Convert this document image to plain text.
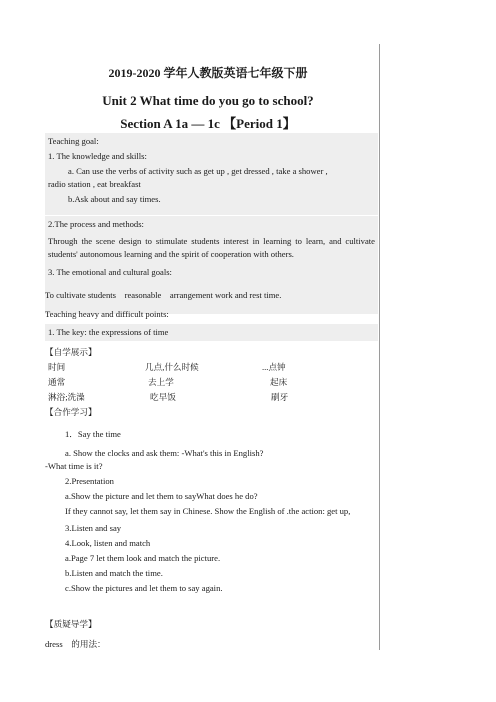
2019-2020 学年人教版英语七年级下册
Unit 2 What time do you go to school?
Section A 1a — 1c 【Period 1】
Teaching goal:
1. The knowledge and skills:
a. Can use the verbs of activity such as get up , get dressed , take a shower ,
radio station , eat breakfast
b.Ask about and say times.
2.The process and methods:
Through the scene design to stimulate students interest in learning to learn, and cultivate students' autonomous learning and the spirit of cooperation with others.
3. The emotional and cultural goals:
To cultivate students　reasonable　arrangement work and rest time.
Teaching heavy and difficult points:
1. The key: the expressions of time
【自学展示】
时间	几点,什么时候	...点钟
通常	去上学	起床
淋浴;洗澡	吃早饭	刷牙
【合作学习】
1．Say the time
a. Show the clocks and ask them: -What's this in English?
-What time is it?
2.Presentation
a.Show the picture and let them to sayWhat does he do?
If they cannot say, let them say in Chinese. Show the English of .the action: get up,
3.Listen and say
4.Look, listen and match
a.Page 7 let them look and match the picture.
b.Listen and match the time.
c.Show the pictures and let them to say again.
【质疑导学】
dress　的用法：
